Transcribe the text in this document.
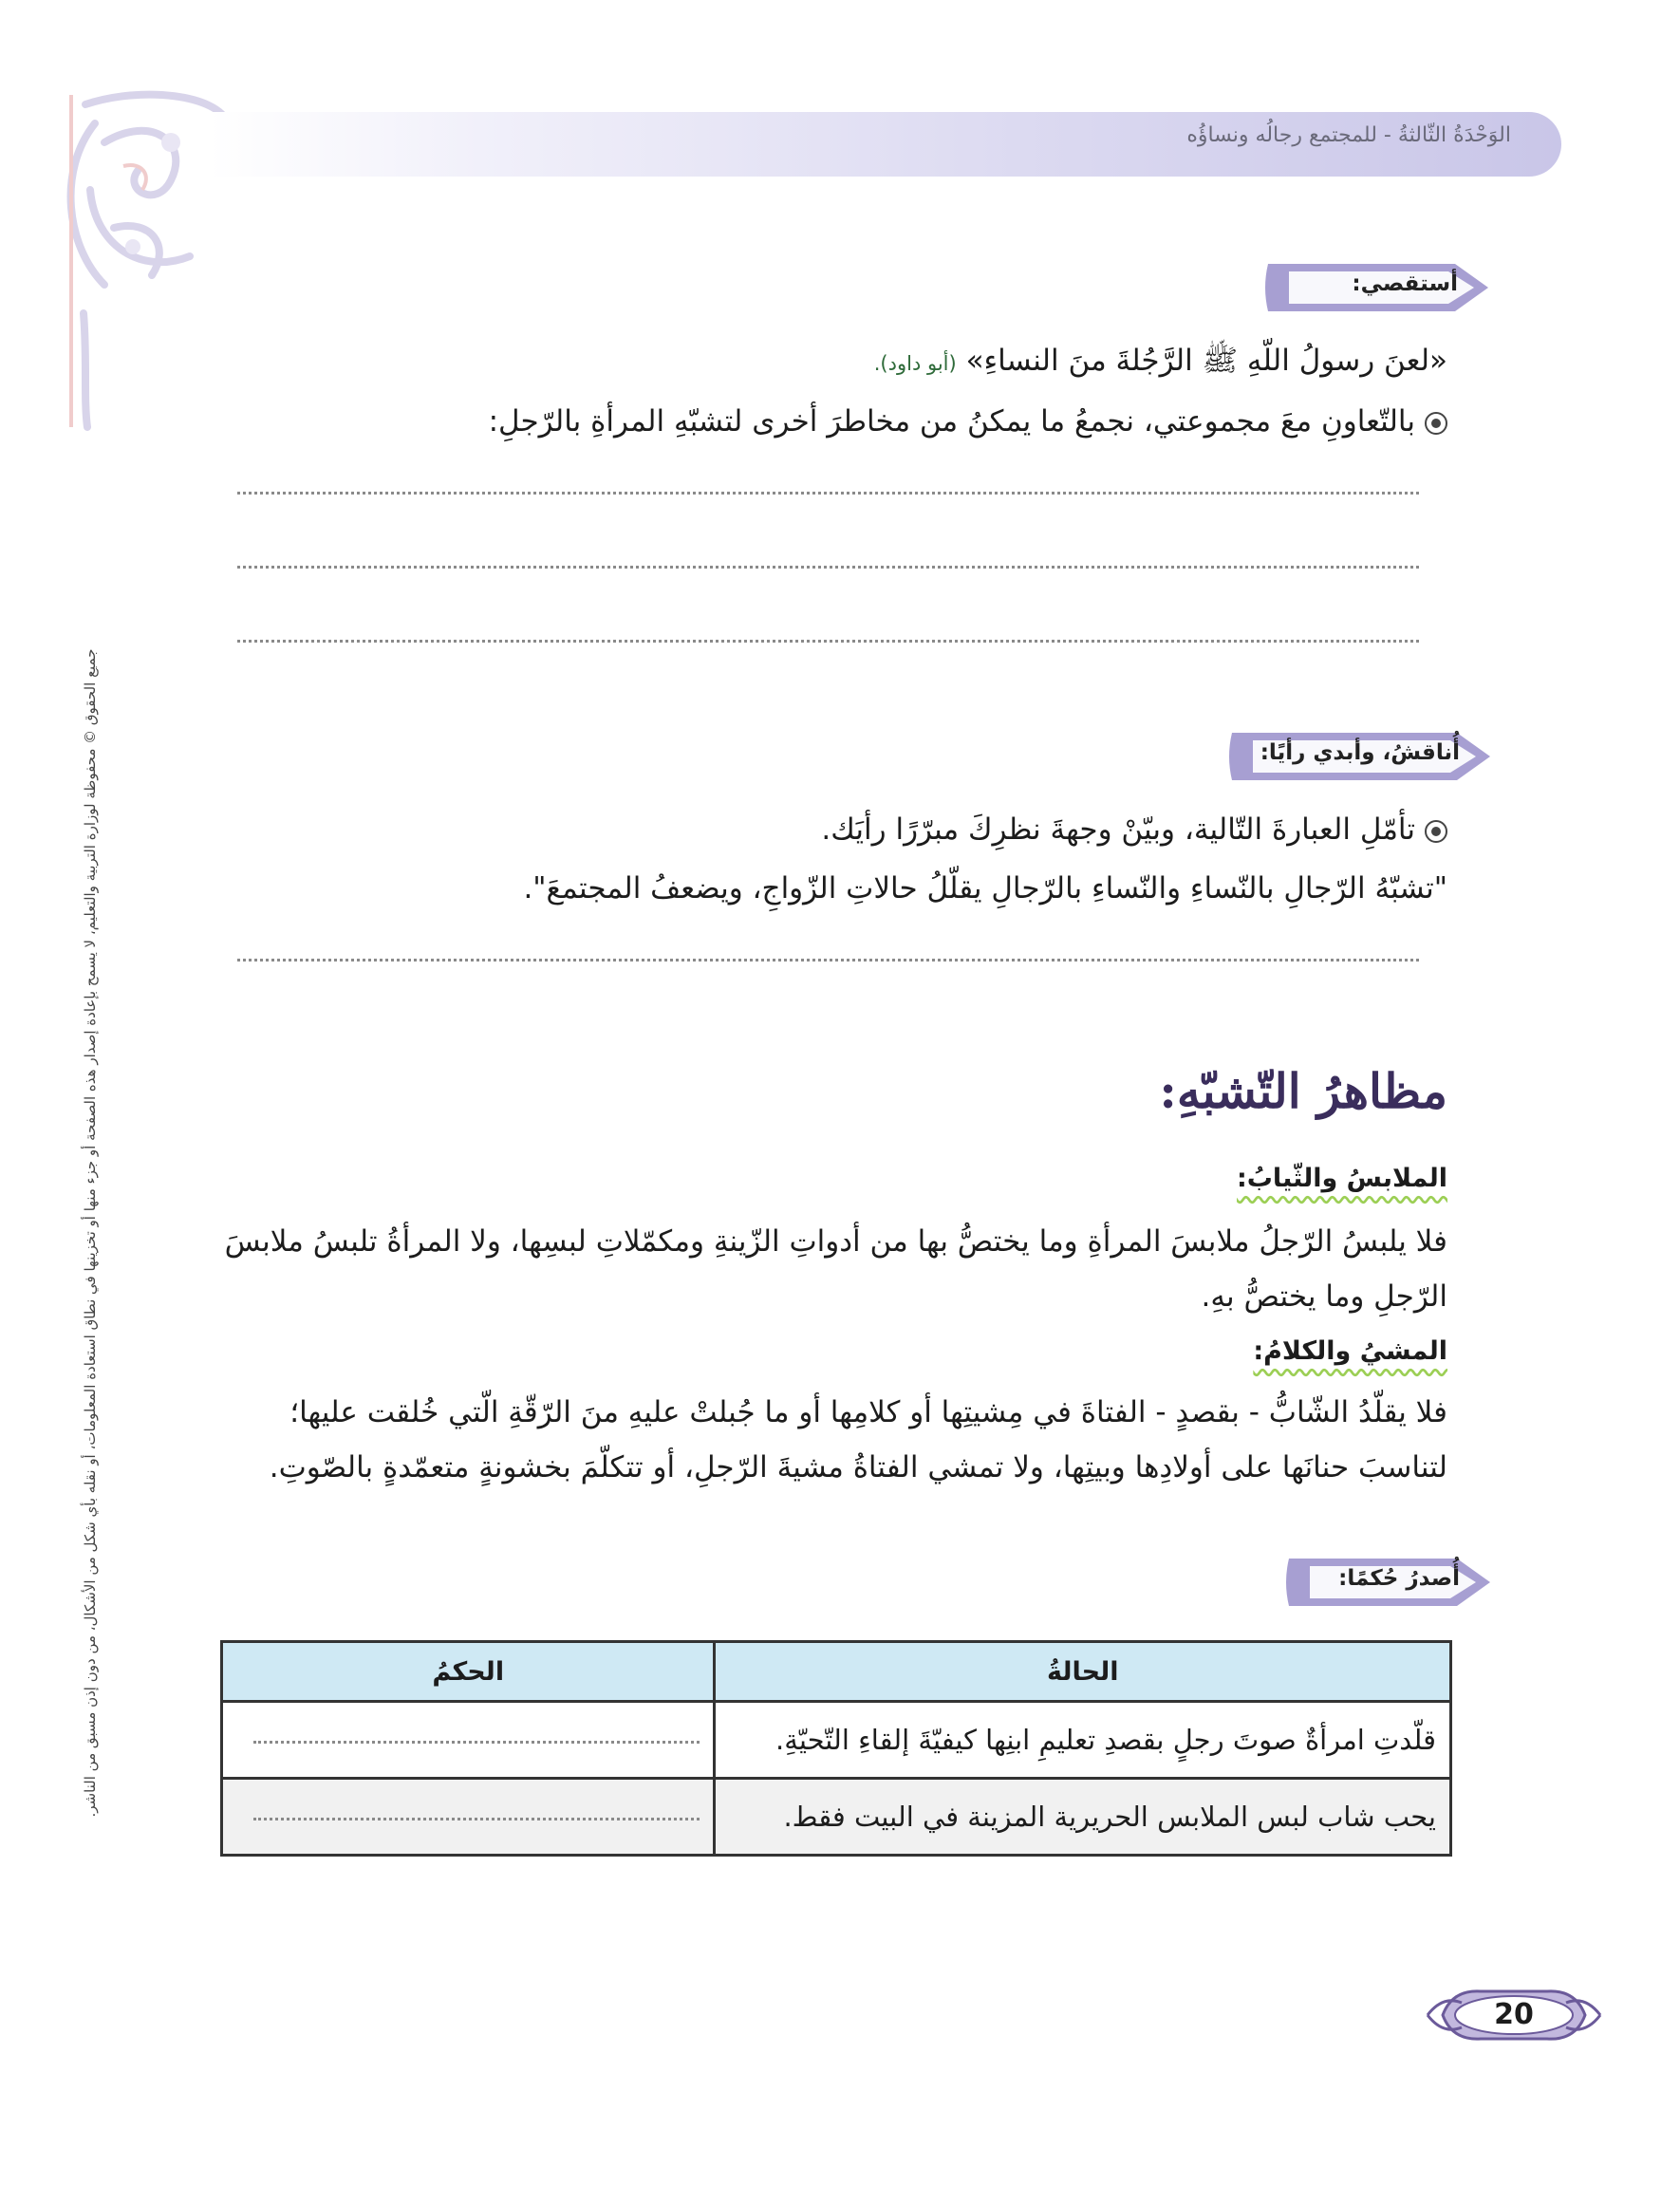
الوَحْدَةُ الثّالثةُ - للمجتمع رجالُه ونساؤُه
جميع الحقوق © محفوظة لوزارة التربية والتعليم، لا يسمح بإعادة إصدار هذه الصفحة أو جزء منها أو تخزينها في نطاق استعادة المعلومات، أو نقله بأي شكل من الأشكال، من دون إذن مسبق من الناشر.
أستقصي:
«لعنَ رسولُ اللّهِ ﷺ الرَّجُلةَ منَ النساءِ» (أبو داود).
بالتّعاونِ معَ مجموعتي، نجمعُ ما يمكنُ من مخاطرَ أخرى لتشبّهِ المرأةِ بالرّجلِ:
أُناقشُ، وأبدي رأيًا:
تأمّلِ العبارةَ التّالية، وبيّنْ وجهةَ نظرِكَ مبرّرًا رأيَك.
"تشبّهُ الرّجالِ بالنّساءِ والنّساءِ بالرّجالِ يقلّلُ حالاتِ الزّواجِ، ويضعفُ المجتمعَ".
مظاهرُ التّشبّهِ:
الملابسُ والثّيابُ:
فلا يلبسُ الرّجلُ ملابسَ المرأةِ وما يختصُّ بها من أدواتِ الزّينةِ ومكمّلاتِ لبسِها، ولا المرأةُ تلبسُ ملابسَ
الرّجلِ وما يختصُّ بهِ.
المشيُ والكلامُ:
فلا يقلّدُ الشّابُّ - بقصدٍ - الفتاةَ في مِشيتِها أو كلامِها أو ما جُبلتْ عليهِ منَ الرّقّةِ الّتي خُلقت عليها؛
لتناسبَ حنانَها على أولادِها وبيتِها، ولا تمشي الفتاةُ مشيةَ الرّجلِ، أو تتكلّمَ بخشونةٍ متعمّدةٍ بالصّوتِ.
أُصدرُ حُكمًا:
الحالةُ	الحكمُ
قلّدتِ امرأةٌ صوتَ رجلٍ بقصدِ تعليمِ ابنِها كيفيّةَ إلقاءِ التّحيّةِ.	
يحب شاب لبس الملابس الحريرية المزينة في البيت فقط.	
20
